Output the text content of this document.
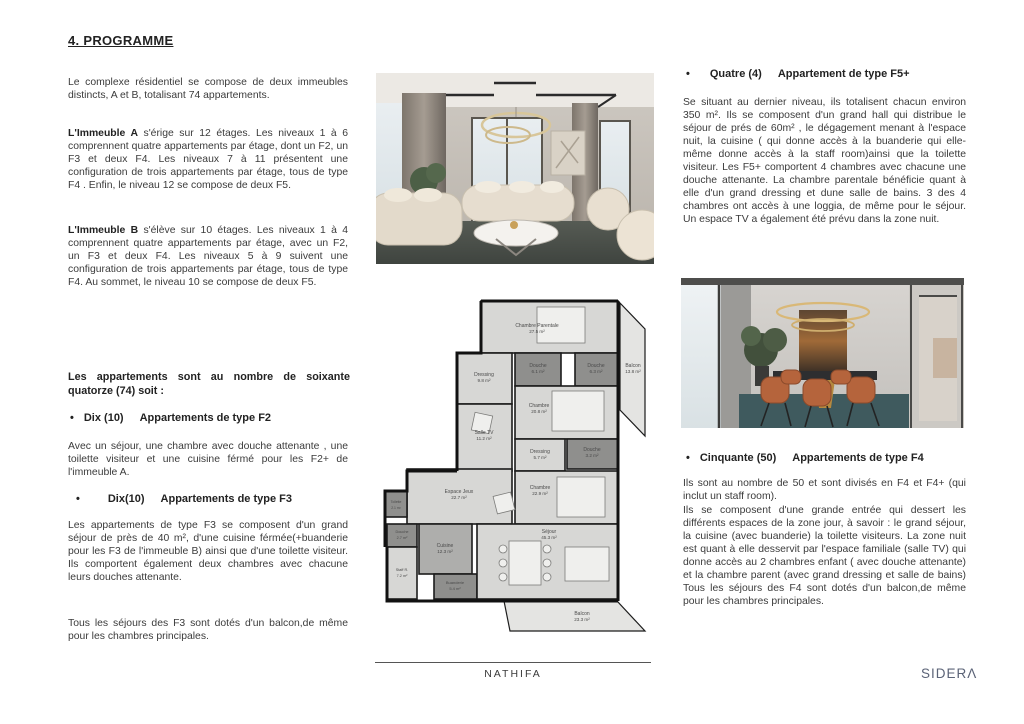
4. PROGRAMME
Le complexe résidentiel se compose de deux immeubles distincts, A et B, totalisant 74 appartements.
L'Immeuble A s'érige sur 12 étages. Les niveaux 1 à 6 comprennent quatre appartements par étage, dont un F2, un F3 et deux F4. Les niveaux 7 à 11 présentent une configuration de trois appartements par étage, tous de type F4 . Enfin, le niveau 12 se compose de deux F5.
L'Immeuble B s'élève sur 10 étages. Les niveaux 1 à 4 comprennent quatre appartements par étage, avec un F2, un F3 et deux F4. Les niveaux 5 à 9 suivent une configuration de trois appartements par étage, tous de type F4. Au sommet, le niveau 10 se compose de deux F5.
Les appartements sont au nombre de soixante quatorze (74) soit :
• Dix (10) Appartements de type F2
Avec un séjour, une chambre avec douche attenante , une toilette visiteur et une cuisine férmé pour les F2+ de l'immeuble A.
•	Dix(10) Appartements de type F3
Les appartements de type F3 se composent d'un grand séjour de près de 40 m², d'une cuisine férmée(+buanderie pour les F3 de l'immeuble B) ainsi que d'une toilette visiteur. Ils comportent également deux chambres avec chacune leurs douches attenante.
Tous les séjours des F3 sont dotés d'un balcon,de même pour les chambres principales.
Chambre Parentale
27.5 m²
Balcon
13.8 m²
Dressing
9.8 m²
Douche
6.1 m²
Douche
6.3 m²
Chambre
20.8 m²
Salle TV
11.2 m²
Dressing
5.7 m²
Douche
3.2 m²
Chambre
22.9 m²
Espace Jeux
22.7 m²
Toilette
2.1 m²
Douche
2.7 m²
Cuisine
12.3 m²
Staff R.
7.2 m²
Buanderie
5.4 m²
Séjour
45.3 m²
Balcon
23.3 m²
• Quatre (4) Appartement de type F5+
Se situant au dernier niveau, ils totalisent chacun environ 350 m². Ils se composent d'un grand hall qui distribue le séjour de prés de 60m² , le dégagement menant à l'espace nuit, la cuisine ( qui donne accès à la buanderie qui elle-même donne accès à la staff room)ainsi que la toilette visiteur. Les F5+ comportent 4 chambres avec chacune une douche attenante. La chambre parentale bénéficie quant à elle d'un grand dressing et dune salle de bains. 3 des 4 chambres ont accès à une loggia, de même pour le séjour. Un espace TV a également été prévu dans la zone nuit.
• Cinquante (50) Appartements de type F4
Ils sont au nombre de 50 et sont divisés en F4 et F4+ (qui inclut un staff room).
Ils se composent d'une grande entrée qui dessert les différents espaces de la zone jour, à savoir : le grand séjour, la cuisine (avec buanderie) la toilette visiteurs. La zone nuit est quant à elle desservit par l'espace familiale (salle TV) qui donne accès au 2 chambres enfant ( avec douche attenante) et la chambre parent (avec grand dressing et salle de bains) Tous les séjours des F4 sont dotés d'un balcon,de même pour les chambres principales.
NATHIFA	SIDERΛ
